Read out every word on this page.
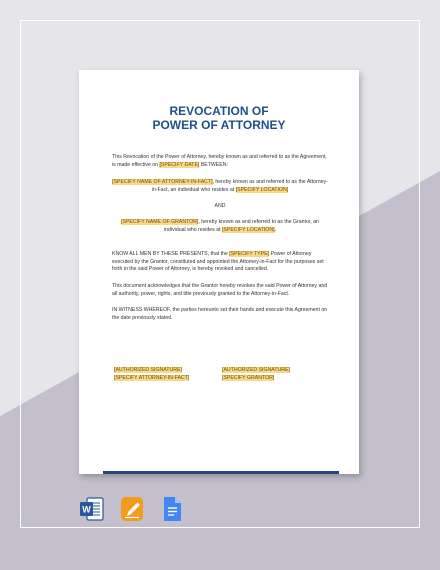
REVOCATION OF
POWER OF ATTORNEY
This Revocation of the Power of Attorney, hereby known as and referred to as the Agreement, is made effective on [SPECIFY DATE] BETWEEN:
[SPECIFY NAME OF ATTORNEY-IN-FACT], hereby known as and referred to as the Attorney-in-Fact, an individual who resides at [SPECIFY LOCATION]
AND
[SPECIFY NAME OF GRANTOR], hereby known as and referred to as the Grantor, an individual who resides at [SPECIFY LOCATION].
KNOW ALL MEN BY THESE PRESENTS, that the [SPECIFY TYPE] Power of Attorney executed by the Grantor, constituted and appointed the Attorney-in-Fact for the purposes set forth in the said Power of Attorney, is hereby revoked and cancelled.
This document acknowledges that the Grantor hereby revokes the said Power of Attorney and all authority, power, rights, and title previously granted to the Attorney-in-Fact.
IN WITNESS WHEREOF, the parties hereunto set their hands and execute this Agreement on the date previously stated.
[AUTHORIZED SIGNATURE]
[SPECIFY ATTORNEY-IN-FACT]
[AUTHORIZED SIGNATURE]
[SPECIFY GRANTOR]
W
